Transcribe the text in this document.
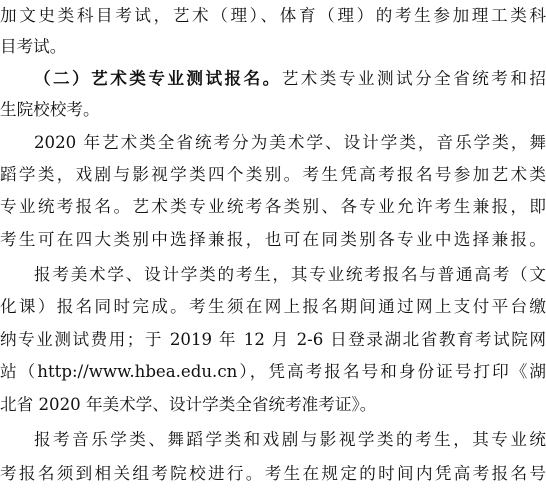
加文史类科目考试，艺术（理）、体育（理）的考生参加理工类科
目考试。
（二）艺术类专业测试报名。艺术类专业测试分全省统考和招
生院校校考。
2020 年艺术类全省统考分为美术学、设计学类，音乐学类，舞
蹈学类，戏剧与影视学类四个类别。考生凭高考报名号参加艺术类
专业统考报名。艺术类专业统考各类别、各专业允许考生兼报，即
考生可在四大类别中选择兼报，也可在同类别各专业中选择兼报。
报考美术学、设计学类的考生，其专业统考报名与普通高考（文
化课）报名同时完成。考生须在网上报名期间通过网上支付平台缴
纳专业测试费用；于 2019 年 12 月 2-6 日登录湖北省教育考试院网
站（http://www.hbea.edu.cn），凭高考报名号和身份证号打印《湖
北省 2020 年美术学、设计学类全省统考准考证》。
报考音乐学类、舞蹈学类和戏剧与影视学类的考生，其专业统
考报名须到相关组考院校进行。考生在规定的时间内凭高考报名号
